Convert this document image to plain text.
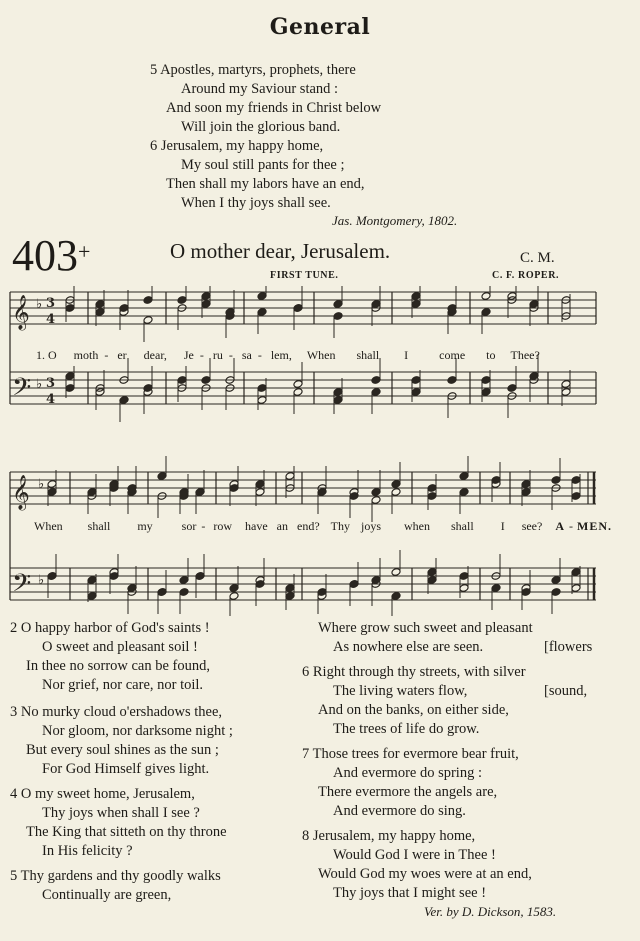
General
5 Apostles, martyrs, prophets, there
Around my Saviour stand :
And soon my friends in Christ below
Will join the glorious band.
6 Jerusalem, my happy home,
My soul still pants for thee ;
Then shall my labors have an end,
When I thy joys shall see.
Jas. Montgomery, 1802.
403+	O mother dear, Jerusalem.	C. M.
FIRST TUNE.	C. F. ROPER.
𝄞
𝄢
♭ 3
4
♭ 3
4
1. O moth - er dear, Je - ru - sa - lem, When shall I	come to Thee?
𝄞
𝄢
♭
♭
When shall my sor - row have an end? Thy joys when shall I see? A - MEN.
2 O happy harbor of God's saints !
O sweet and pleasant soil !
In thee no sorrow can be found,
Nor grief, nor care, nor toil.
3 No murky cloud o'ershadows thee,
Nor gloom, nor darksome night ;
But every soul shines as the sun ;
For God Himself gives light.
4 O my sweet home, Jerusalem,
Thy joys when shall I see ?
The King that sitteth on thy throne
In His felicity ?
5 Thy gardens and thy goodly walks
Continually are green,
Where grow such sweet and pleasant
[flowers
As nowhere else are seen.
6 Right through thy streets, with silver
[sound,
The living waters flow,
And on the banks, on either side,
The trees of life do grow.
7 Those trees for evermore bear fruit,
And evermore do spring :
There evermore the angels are,
And evermore do sing.
8 Jerusalem, my happy home,
Would God I were in Thee !
Would God my woes were at an end,
Thy joys that I might see !
Ver. by D. Dickson, 1583.
